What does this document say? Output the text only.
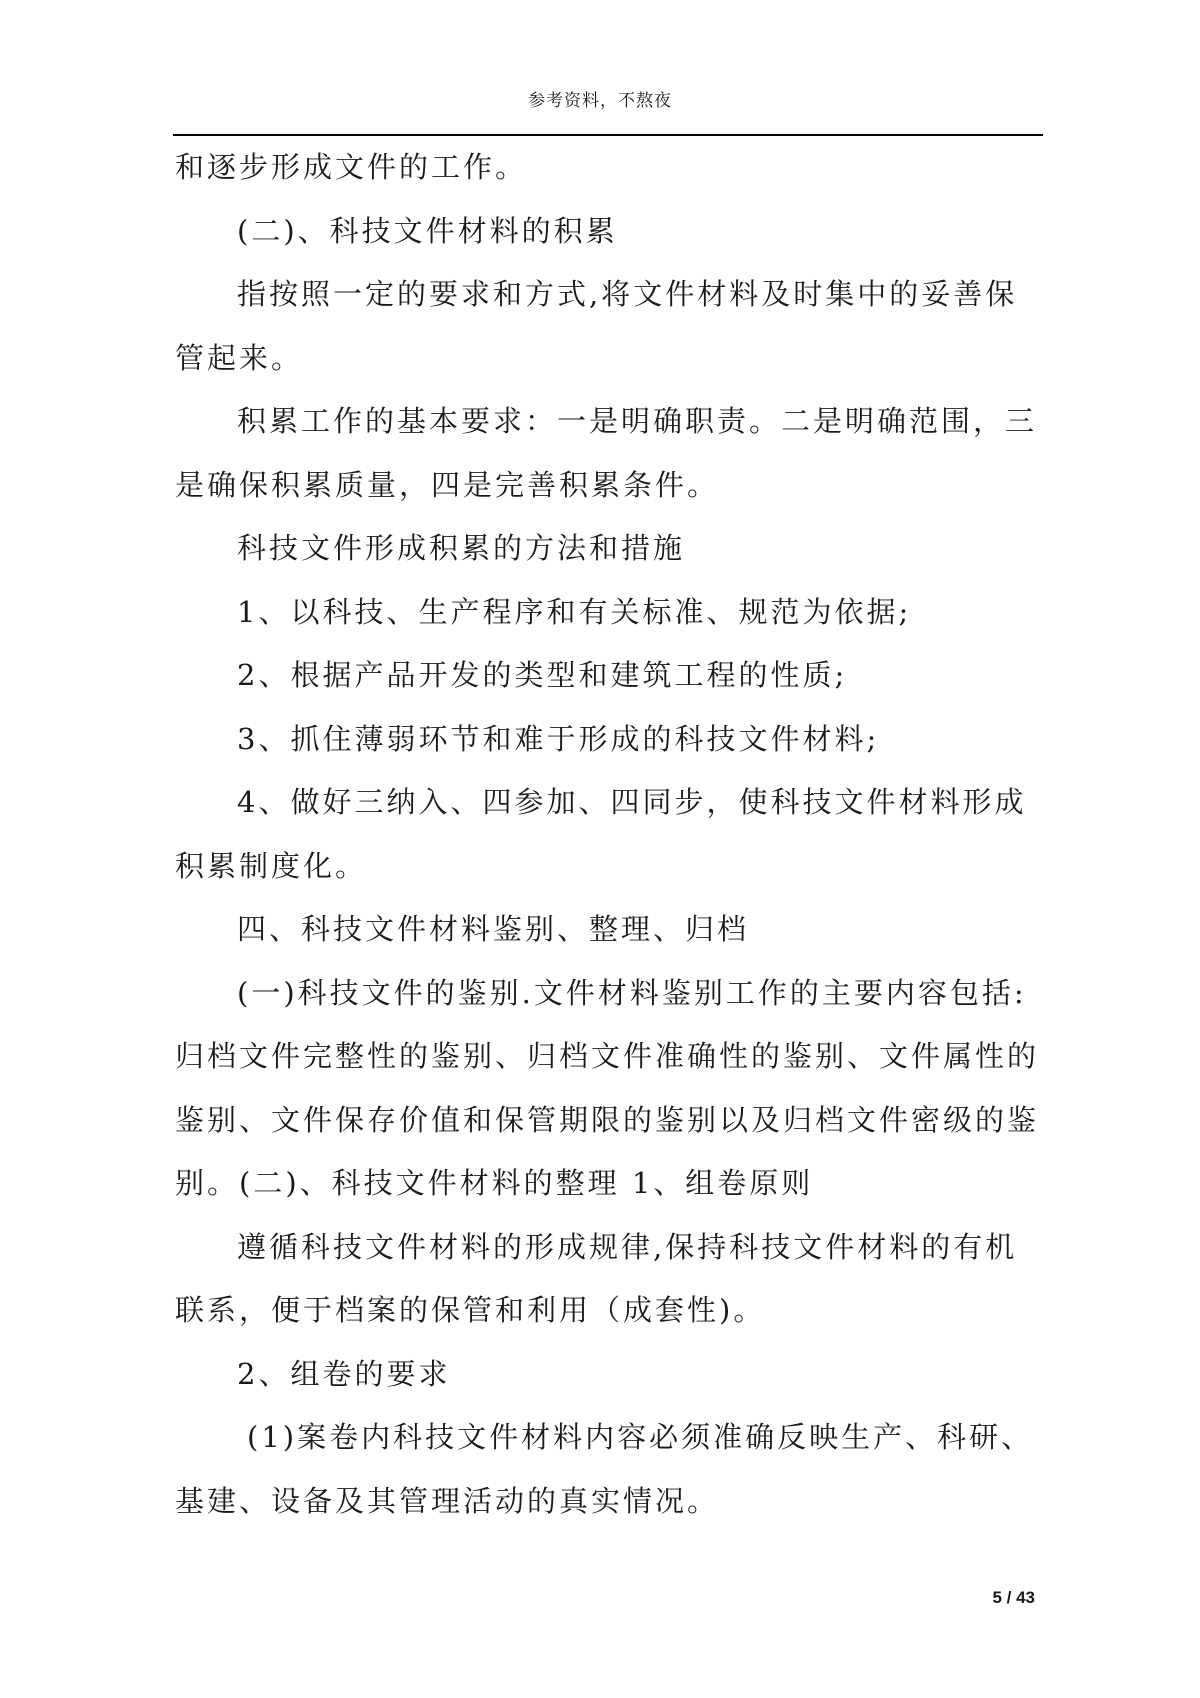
参考资料，不熬夜
和逐步形成文件的工作。
(二)、科技文件材料的积累
指按照一定的要求和方式,将文件材料及时集中的妥善保
管起来。
积累工作的基本要求：一是明确职责。二是明确范围，三
是确保积累质量，四是完善积累条件。
科技文件形成积累的方法和措施
1、以科技、生产程序和有关标准、规范为依据;
2、根据产品开发的类型和建筑工程的性质;
3、抓住薄弱环节和难于形成的科技文件材料;
4、做好三纳入、四参加、四同步，使科技文件材料形成
积累制度化。
四、科技文件材料鉴别、整理、归档
(一)科技文件的鉴别.文件材料鉴别工作的主要内容包括:
归档文件完整性的鉴别、归档文件准确性的鉴别、文件属性的
鉴别、文件保存价值和保管期限的鉴别以及归档文件密级的鉴
别。(二)、科技文件材料的整理 1、组卷原则
遵循科技文件材料的形成规律,保持科技文件材料的有机
联系，便于档案的保管和利用（成套性)。
2、组卷的要求
(1)案卷内科技文件材料内容必须准确反映生产、科研、
基建、设备及其管理活动的真实情况。
5 / 43
